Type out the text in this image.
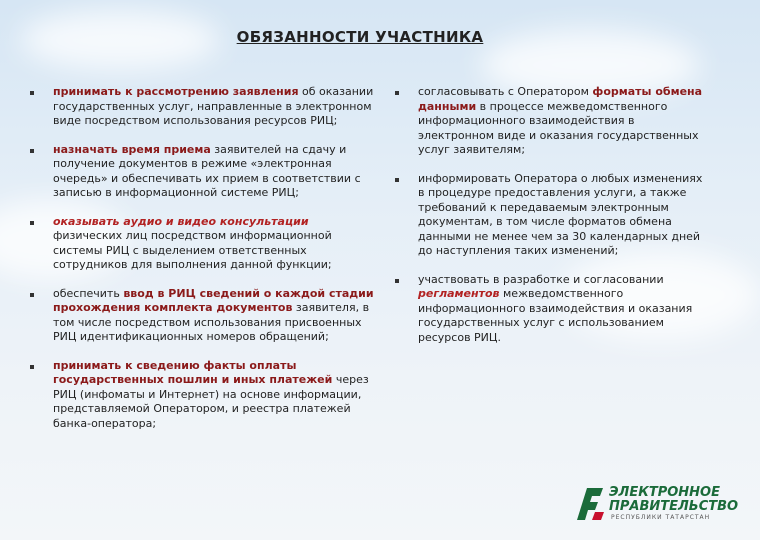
ОБЯЗАННОСТИ УЧАСТНИКА
принимать к рассмотрению заявления об оказании государственных услуг, направленные в электронном виде посредством использования ресурсов РИЦ;
назначать время приема заявителей на сдачу и получение документов в режиме «электронная очередь» и обеспечивать их прием в соответствии с записью в информационной системе РИЦ;
оказывать аудио и видео консультации физических лиц посредством информационной системы РИЦ с выделением ответственных сотрудников для выполнения данной функции;
обеспечить ввод в РИЦ сведений о каждой стадии прохождения комплекта документов заявителя, в том числе посредством использования присвоенных РИЦ идентификационных номеров обращений;
принимать к сведению факты оплаты государственных пошлин и иных платежей через РИЦ (инфоматы и Интернет) на основе информации, представляемой Оператором, и реестра платежей банка-оператора;
согласовывать с Оператором форматы обмена данными в процессе межведомственного информационного взаимодействия в электронном виде и оказания государственных услуг заявителям;
информировать Оператора о любых изменениях в процедуре предоставления услуги, а также требований к передаваемым электронным документам, в том числе форматов обмена данными не менее чем за 30 календарных дней до наступления таких изменений;
участвовать в разработке и согласовании регламентов межведомственного информационного взаимодействия и оказания государственных услуг с использованием ресурсов РИЦ.
ЭЛЕКТРОННОЕ
ПРАВИТЕЛЬСТВО
РЕСПУБЛИКИ ТАТАРСТАН
